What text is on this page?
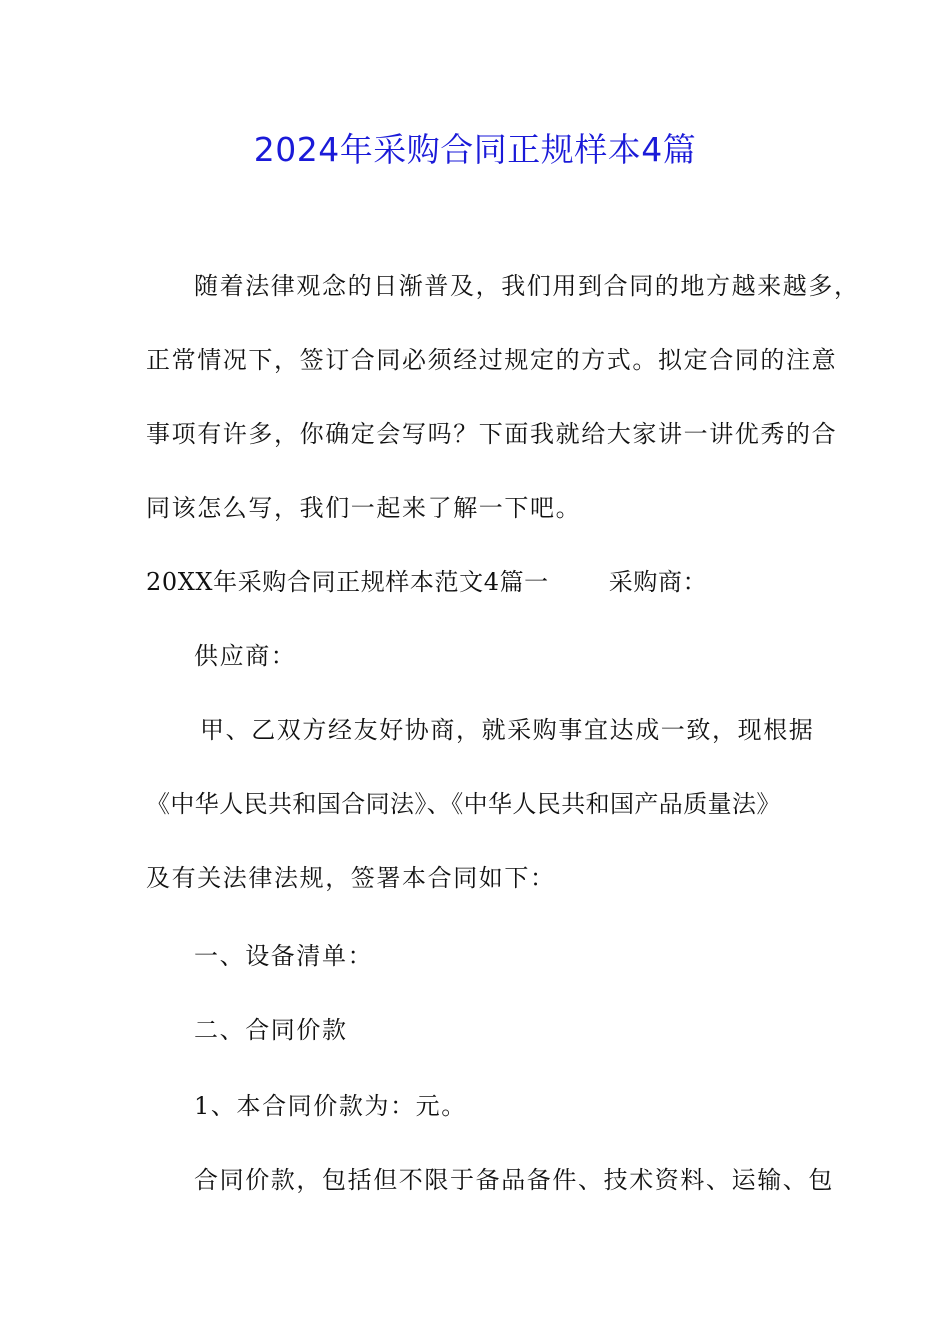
2024年采购合同正规样本4篇
随着法律观念的日渐普及，我们用到合同的地方越来越多，
正常情况下，签订合同必须经过规定的方式。拟定合同的注意
事项有许多，你确定会写吗？下面我就给大家讲一讲优秀的合
同该怎么写，我们一起来了解一下吧。
20XX年采购合同正规样本范文4篇一	采购商：
供应商：
甲、乙双方经友好协商，就采购事宜达成一致，现根据
《中华人民共和国合同法》、《中华人民共和国产品质量法》
及有关法律法规，签署本合同如下：
一、设备清单：
二、合同价款
1、本合同价款为：元。
合同价款，包括但不限于备品备件、技术资料、运输、包
